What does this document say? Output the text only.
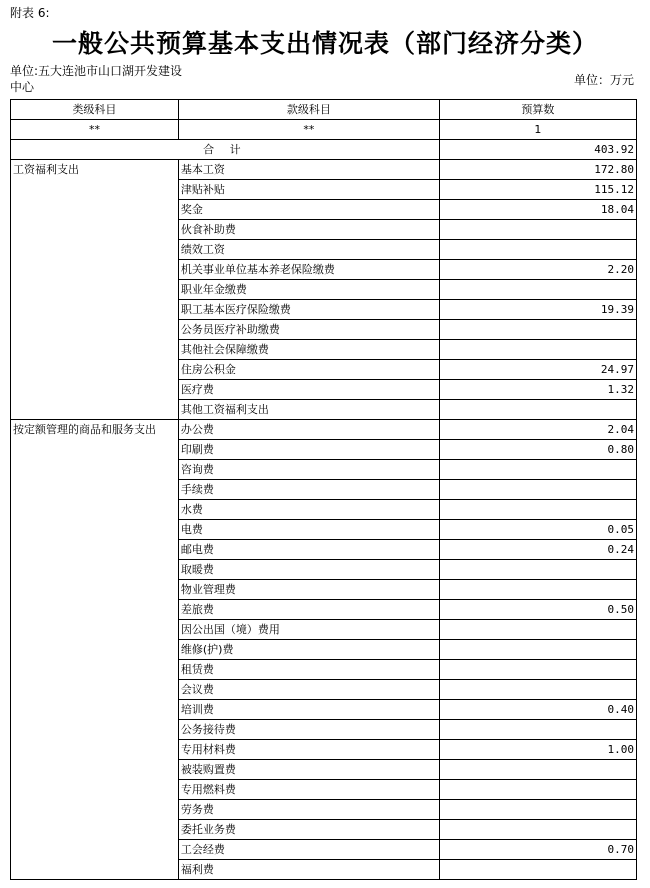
附表 6:
一般公共预算基本支出情况表（部门经济分类）
单位:五大连池市山口湖开发建设中心	单位：万元
类级科目	款级科目	预算数
**	**	1
合 计		403.92
工资福利支出	基本工资	172.80
	津贴补贴	115.12
	奖金	18.04
	伙食补助费	
	绩效工资	
	机关事业单位基本养老保险缴费	2.20
	职业年金缴费	
	职工基本医疗保险缴费	19.39
	公务员医疗补助缴费	
	其他社会保障缴费	
	住房公积金	24.97
	医疗费	1.32
	其他工资福利支出	
按定额管理的商品和服务支出	办公费	2.04
	印刷费	0.80
	咨询费	
	手续费	
	水费	
	电费	0.05
	邮电费	0.24
	取暖费	
	物业管理费	
	差旅费	0.50
	因公出国（境）费用	
	维修(护)费	
	租赁费	
	会议费	
	培训费	0.40
	公务接待费	
	专用材料费	1.00
	被装购置费	
	专用燃料费	
	劳务费	
	委托业务费	
	工会经费	0.70
	福利费	
